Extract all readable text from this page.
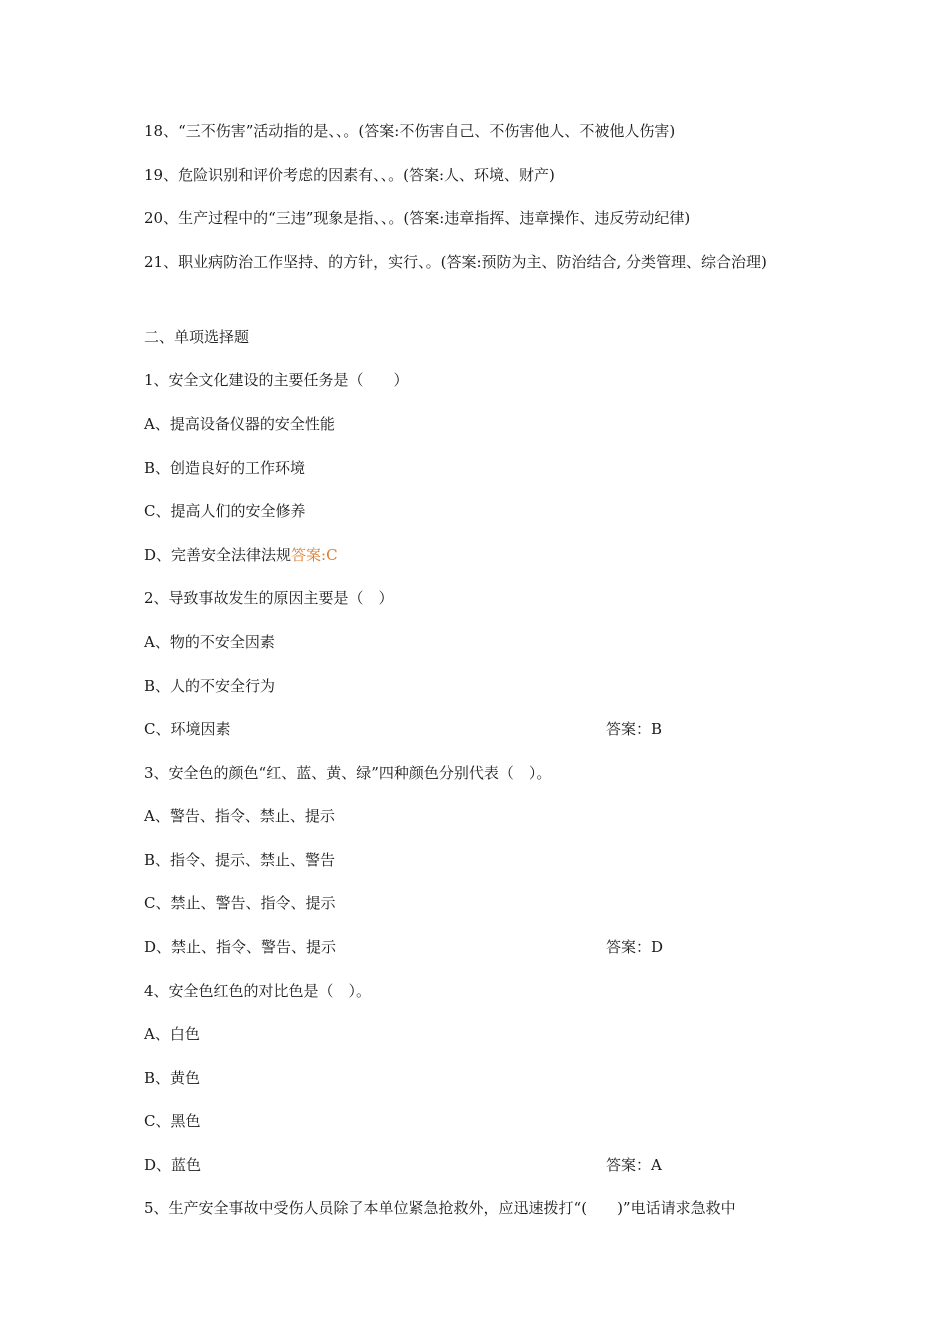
18、“三不伤害”活动指的是、、。(答案:不伤害自己、不伤害他人、不被他人伤害)
19、危险识别和评价考虑的因素有、、。(答案:人、环境、财产)
20、生产过程中的“三违”现象是指、、。(答案:违章指挥、违章操作、违反劳动纪律)
21、职业病防治工作坚持、的方针，实行、。(答案:预防为主、防治结合, 分类管理、综合治理)
二、单项选择题
1、安全文化建设的主要任务是（　　）
A、提高设备仪器的安全性能
B、创造良好的工作环境
C、提高人们的安全修养
D、完善安全法律法规答案:C
2、导致事故发生的原因主要是（　）
A、物的不安全因素
B、人的不安全行为
C、环境因素	答案：B
3、安全色的颜色“红、蓝、黄、绿”四种颜色分别代表（　）。
A、警告、指令、禁止、提示
B、指令、提示、禁止、警告
C、禁止、警告、指令、提示
D、禁止、指令、警告、提示	答案：D
4、安全色红色的对比色是（　）。
A、白色
B、黄色
C、黑色
D、蓝色	答案：A
5、生产安全事故中受伤人员除了本单位紧急抢救外，应迅速拨打“(　　)”电话请求急救中
